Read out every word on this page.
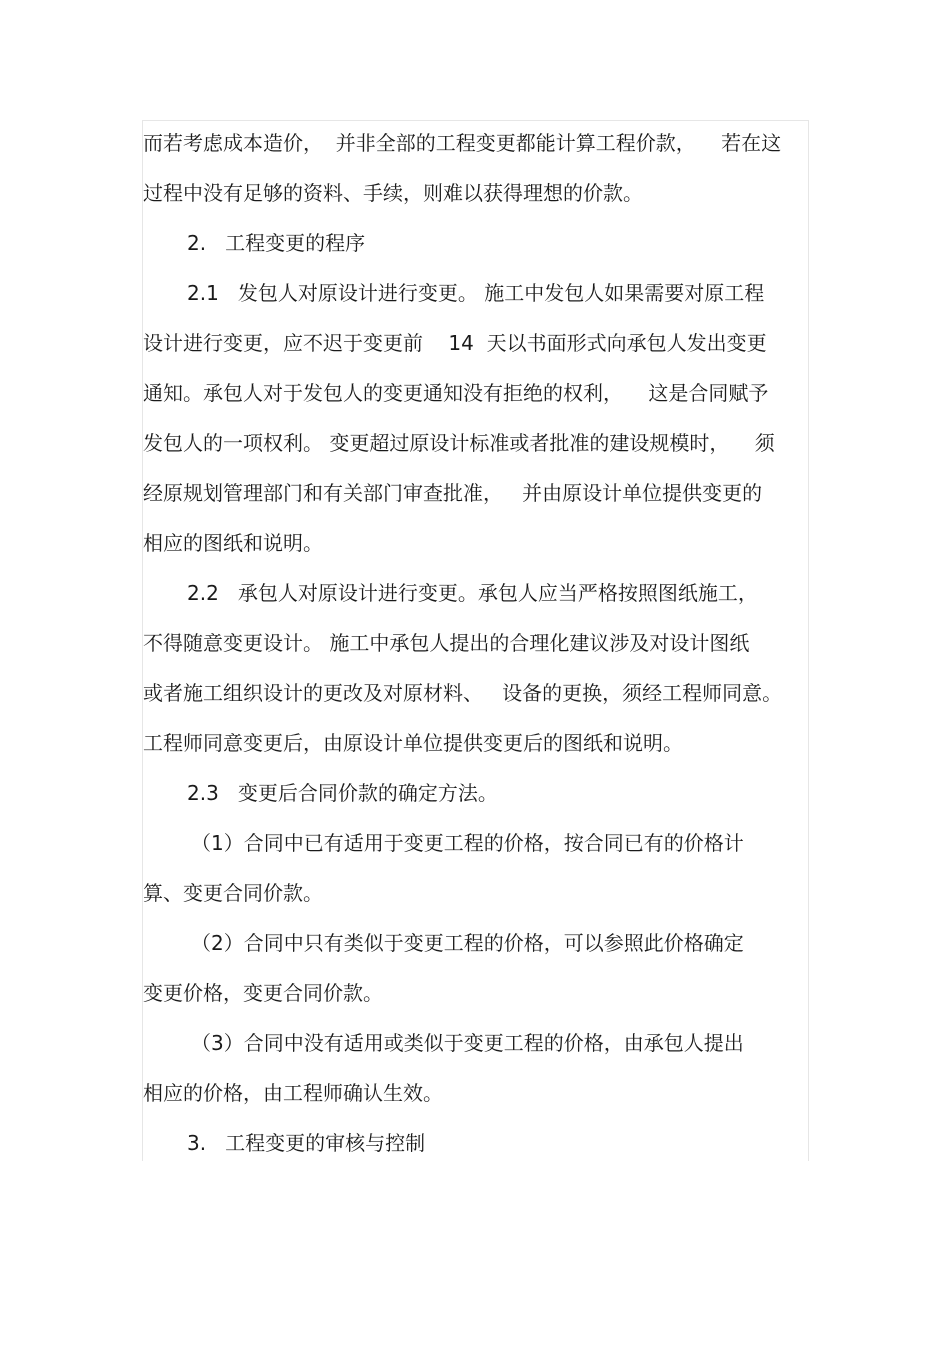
而若考虑成本造价，  并非全部的工程变更都能计算工程价款，    若在这
过程中没有足够的资料、手续，则难以获得理想的价款。
2.   工程变更的程序
2.1   发包人对原设计进行变更。 施工中发包人如果需要对原工程
设计进行变更，应不迟于变更前    14  天以书面形式向承包人发出变更
通知。承包人对于发包人的变更通知没有拒绝的权利，    这是合同赋予
发包人的一项权利。 变更超过原设计标准或者批准的建设规模时，    须
经原规划管理部门和有关部门审查批准，   并由原设计单位提供变更的
相应的图纸和说明。
2.2   承包人对原设计进行变更。承包人应当严格按照图纸施工，
不得随意变更设计。 施工中承包人提出的合理化建议涉及对设计图纸
或者施工组织设计的更改及对原材料、   设备的更换，须经工程师同意。
工程师同意变更后，由原设计单位提供变更后的图纸和说明。
2.3   变更后合同价款的确定方法。
（1）合同中已有适用于变更工程的价格，按合同已有的价格计
算、变更合同价款。
（2）合同中只有类似于变更工程的价格，可以参照此价格确定
变更价格，变更合同价款。
（3）合同中没有适用或类似于变更工程的价格，由承包人提出
相应的价格，由工程师确认生效。
3.   工程变更的审核与控制
